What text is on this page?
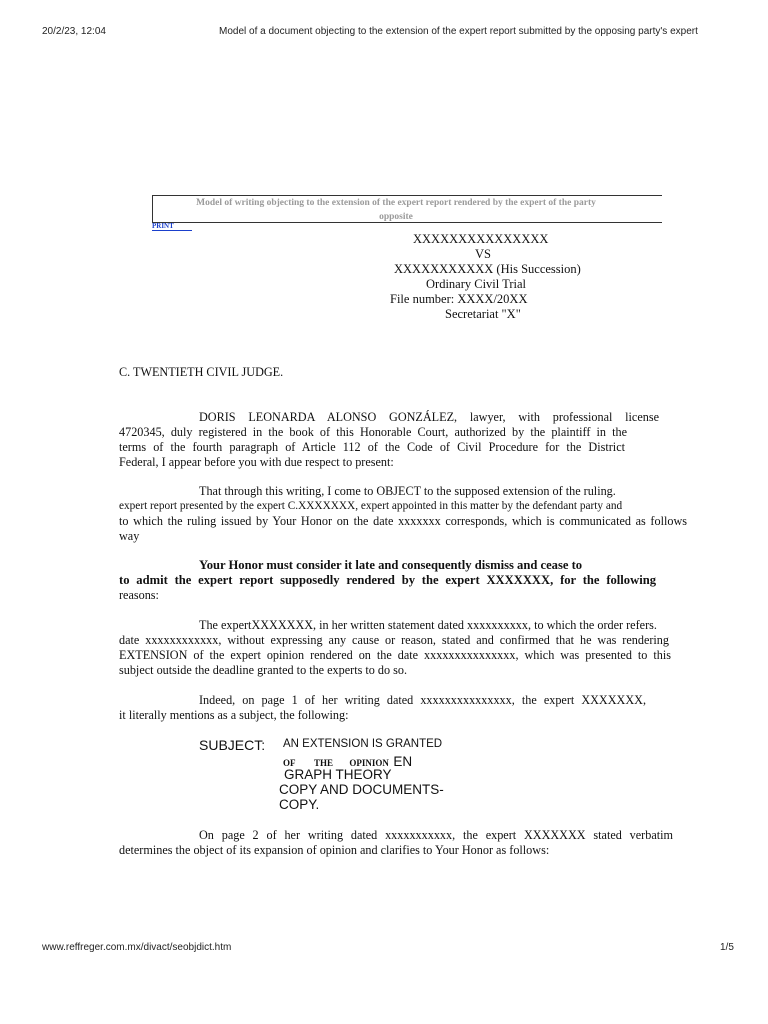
20/2/23, 12:04	Model of a document objecting to the extension of the expert report submitted by the opposing party's expert
Model of writing objecting to the extension of the expert report rendered by the expert of the party
opposite
PRINT
XXXXXXXXXXXXXXX
VS
XXXXXXXXXXX (His Succession)
Ordinary Civil Trial
File number: XXXX/20XX
Secretariat "X"
C. TWENTIETH CIVIL JUDGE.
DORIS LEONARDA ALONSO GONZÁLEZ, lawyer, with professional license
4720345, duly registered in the book of this Honorable Court, authorized by the plaintiff in the
terms of the fourth paragraph of Article 112 of the Code of Civil Procedure for the District
Federal, I appear before you with due respect to present:
That through this writing, I come to OBJECT to the supposed extension of the ruling.
expert report presented by the expert C.XXXXXXX, expert appointed in this matter by the defendant party and
to which the ruling issued by Your Honor on the date xxxxxxx corresponds, which is communicated as follows
way
Your Honor must consider it late and consequently dismiss and cease to
to admit the expert report supposedly rendered by the expert XXXXXXX, for the following
reasons:
The expertXXXXXXX, in her written statement dated xxxxxxxxxx, to which the order refers.
date xxxxxxxxxxxx, without expressing any cause or reason, stated and confirmed that he was rendering
EXTENSION of the expert opinion rendered on the date xxxxxxxxxxxxxxx, which was presented to this
subject outside the deadline granted to the experts to do so.
Indeed, on page 1 of her writing dated xxxxxxxxxxxxxxx, the expert XXXXXXX,
it literally mentions as a subject, the following:
SUBJECT: AN EXTENSION IS GRANTED
OF THE OPINION EN
GRAPH THEORY
COPY AND DOCUMENTS-
COPY.
On page 2 of her writing dated xxxxxxxxxxx, the expert XXXXXXX stated verbatim
determines the object of its expansion of opinion and clarifies to Your Honor as follows:
www.reffreger.com.mx/divact/seobjdict.htm	1/5
